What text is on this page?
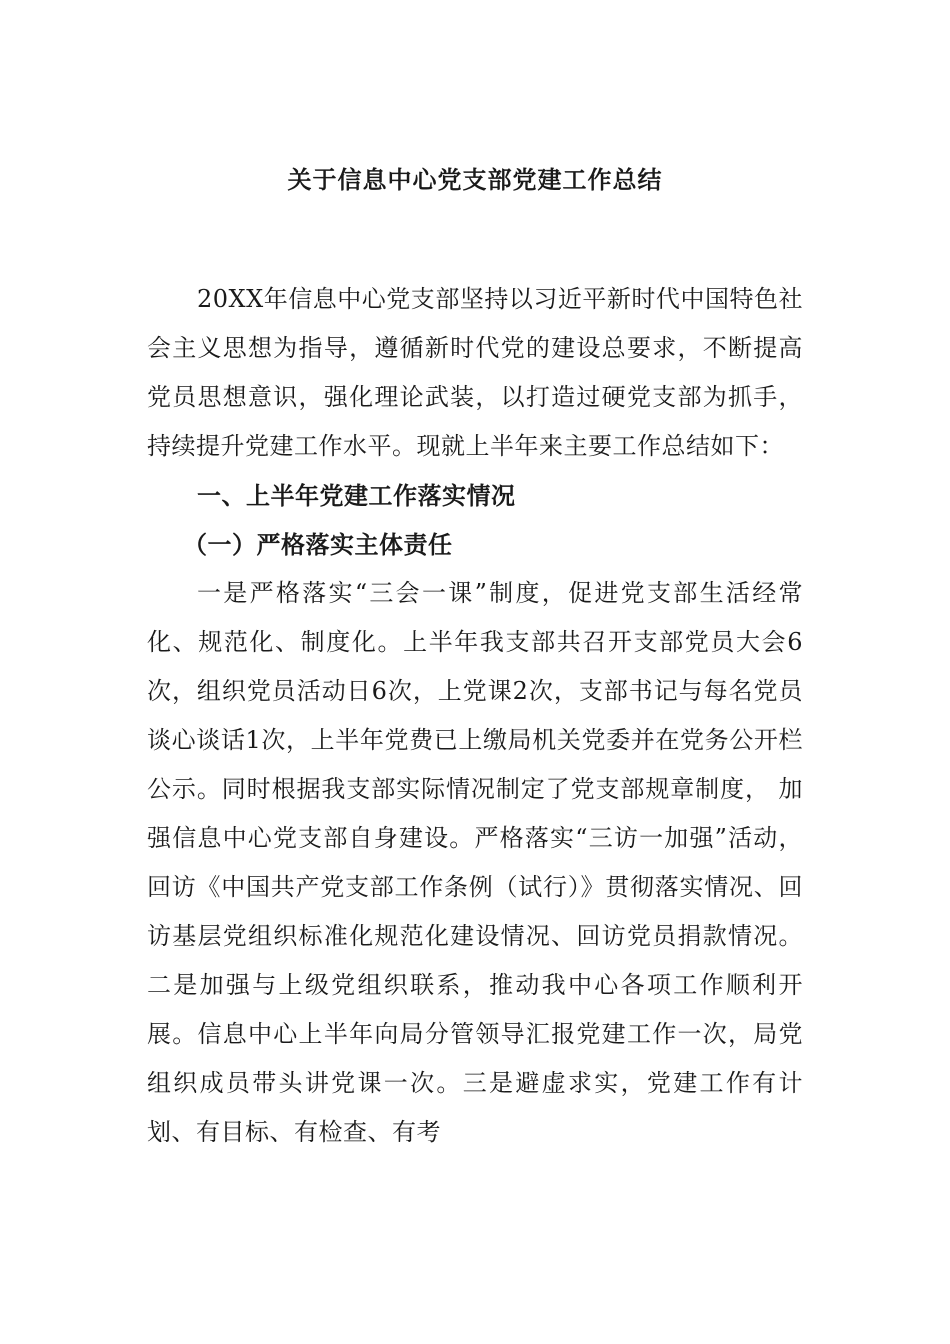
关于信息中心党支部党建工作总结

20XX年信息中心党支部坚持以习近平新时代中国特色社会主义思想为指导，遵循新时代党的建设总要求，不断提高党员思想意识，强化理论武装，以打造过硬党支部为抓手，持续提升党建工作水平。现就上半年来主要工作总结如下：

一、上半年党建工作落实情况

（一）严格落实主体责任

一是严格落实“三会一课”制度，促进党支部生活经常化、规范化、制度化。上半年我支部共召开支部党员大会6次，组织党员活动日6次，上党课2次，支部书记与每名党员谈心谈话1次，上半年党费已上缴局机关党委并在党务公开栏公示。同时根据我支部实际情况制定了党支部规章制度， 加强信息中心党支部自身建设。严格落实“三访一加强”活动，回访《中国共产党支部工作条例（试行）》贯彻落实情况、回访基层党组织标准化规范化建设情况、回访党员捐款情况。二是加强与上级党组织联系，推动我中心各项工作顺利开展。信息中心上半年向局分管领导汇报党建工作一次，局党组织成员带头讲党课一次。三是避虚求实，党建工作有计划、有目标、有检查、有考
